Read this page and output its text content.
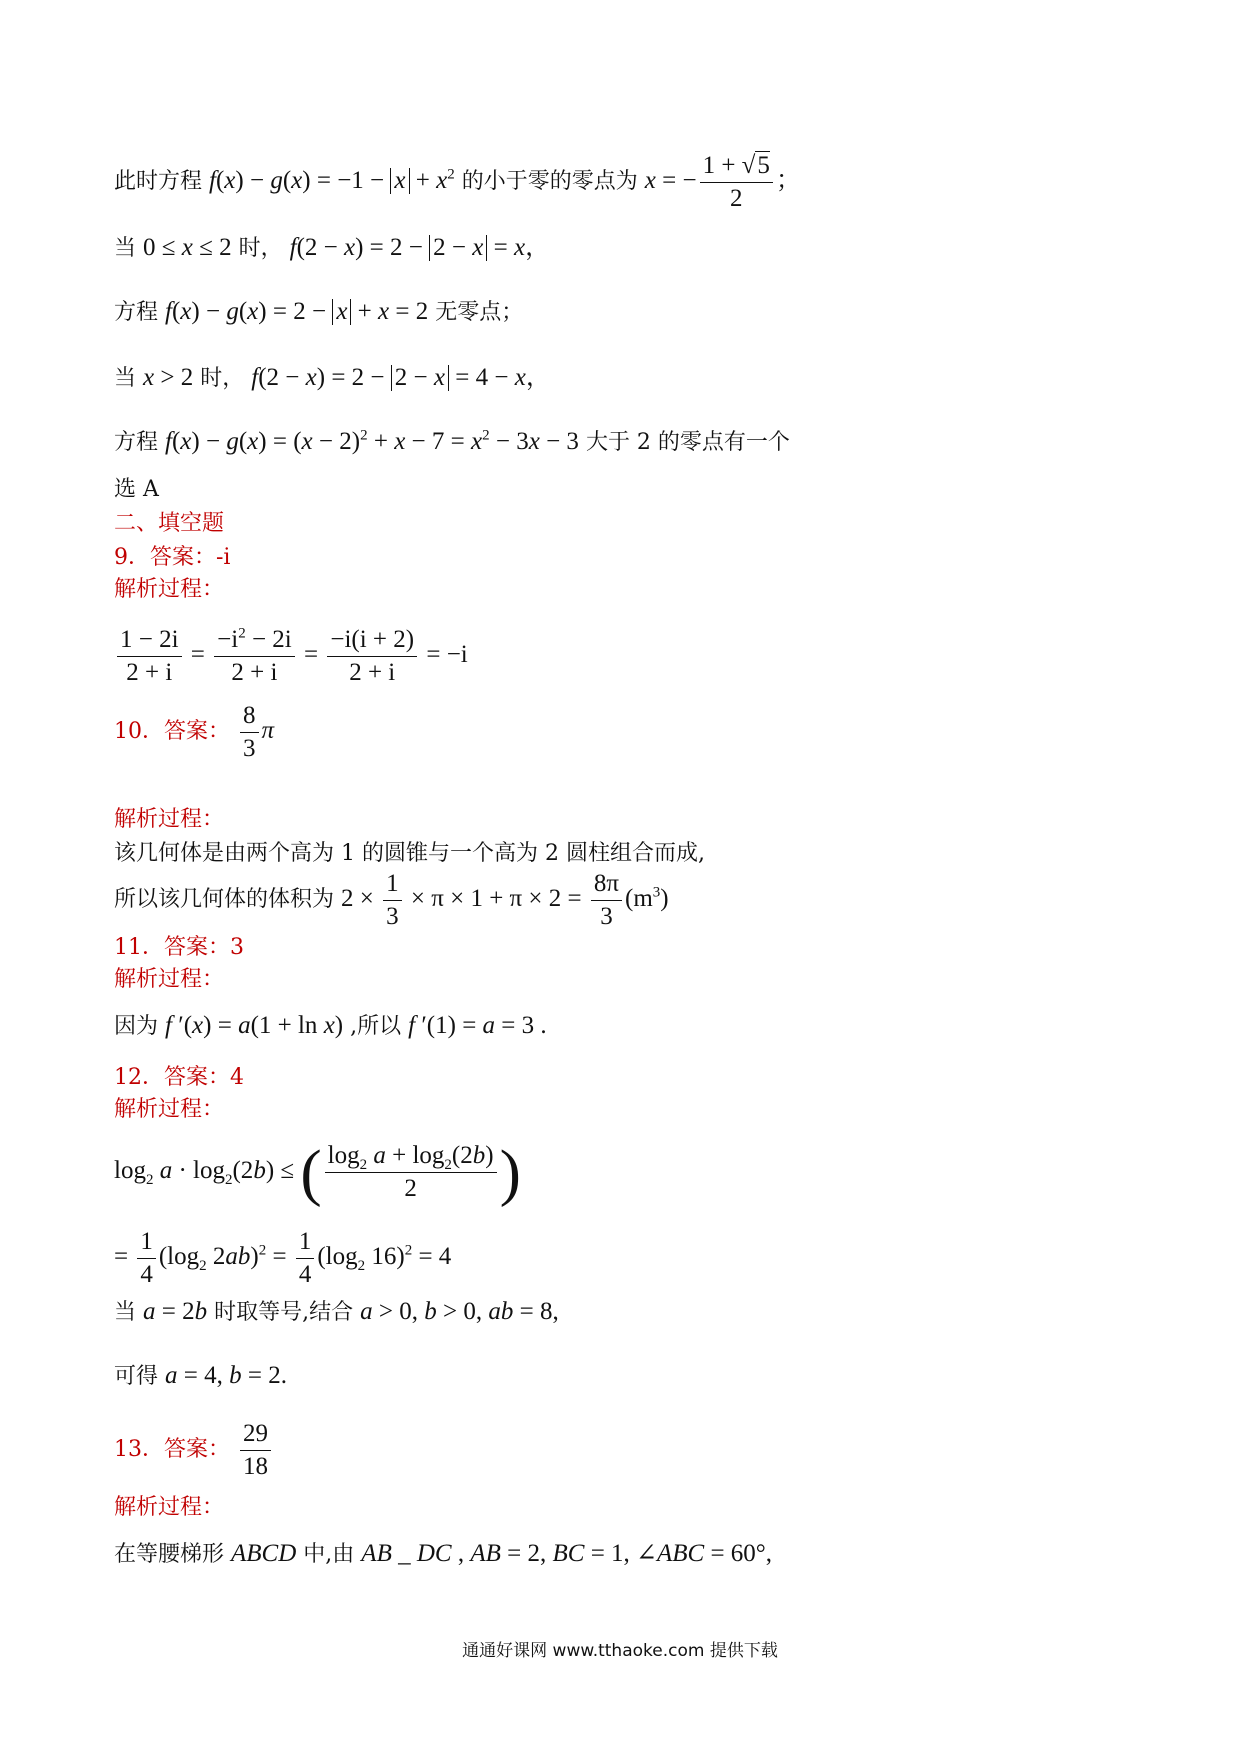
此时方程 $f(x) - g(x) = -1 - x + x^2$ 的小于零的零点为 x = − $\frac{1 + √5}{2}$ ；
当 0 ≤ x ≤ 2 时， f(2 − x) = 2 − 2 − x = x，
方程 f(x) − g(x) = 2 − x + x = 2 无零点；
当 x > 2 时， f(2 − x) = 2 − 2 − x = 4 − x，
方程 $f(x) - g(x) = (x - 2)^2 + x - 7 = x^2 - 3x - 3$ 大于 2 的零点有一个
选 A
二、填空题
9．答案：-i
解析过程：
$\frac{1 - 2i}{2 + i} = \frac{-i^2 - 2i}{2 + i} = \frac{-i(i + 2)}{2 + i} = -i$
10．答案： $\frac{8}{3}$ π
解析过程：
该几何体是由两个高为 1 的圆锥与一个高为 2 圆柱组合而成,
所以该几何体的体积为 $2 \times \frac{1}{3} \times \pi \times 1 + \pi \times 2 = \frac{8\pi}{3} (m^3)$
11．答案：3
解析过程：
因为 f ′(x) = a(1 + ln x) ,所以 f ′(1) = a = 3 .
12．答案：4
解析过程：
$\log_2 a \cdot \log_2(2b)$ ≤ ( $\frac{\log_2 a + \log_2(2b)}{2}$ )
= $\frac{1}{4} (\log_2$ $2ab)^2 = \frac{1}{4} (\log_2$ 16)$^2$ = 4
当 a = 2b 时取等号,结合 a > 0, b > 0, ab = 8,
可得 a = 4, b = 2.
13．答案： $\frac{29}{18}$
解析过程：
在等腰梯形 ABCD 中,由 AB _ DC , AB = 2, BC = 1, ∠ABC = 60°,
通通好课网 www.tthaoke.com 提供下载
